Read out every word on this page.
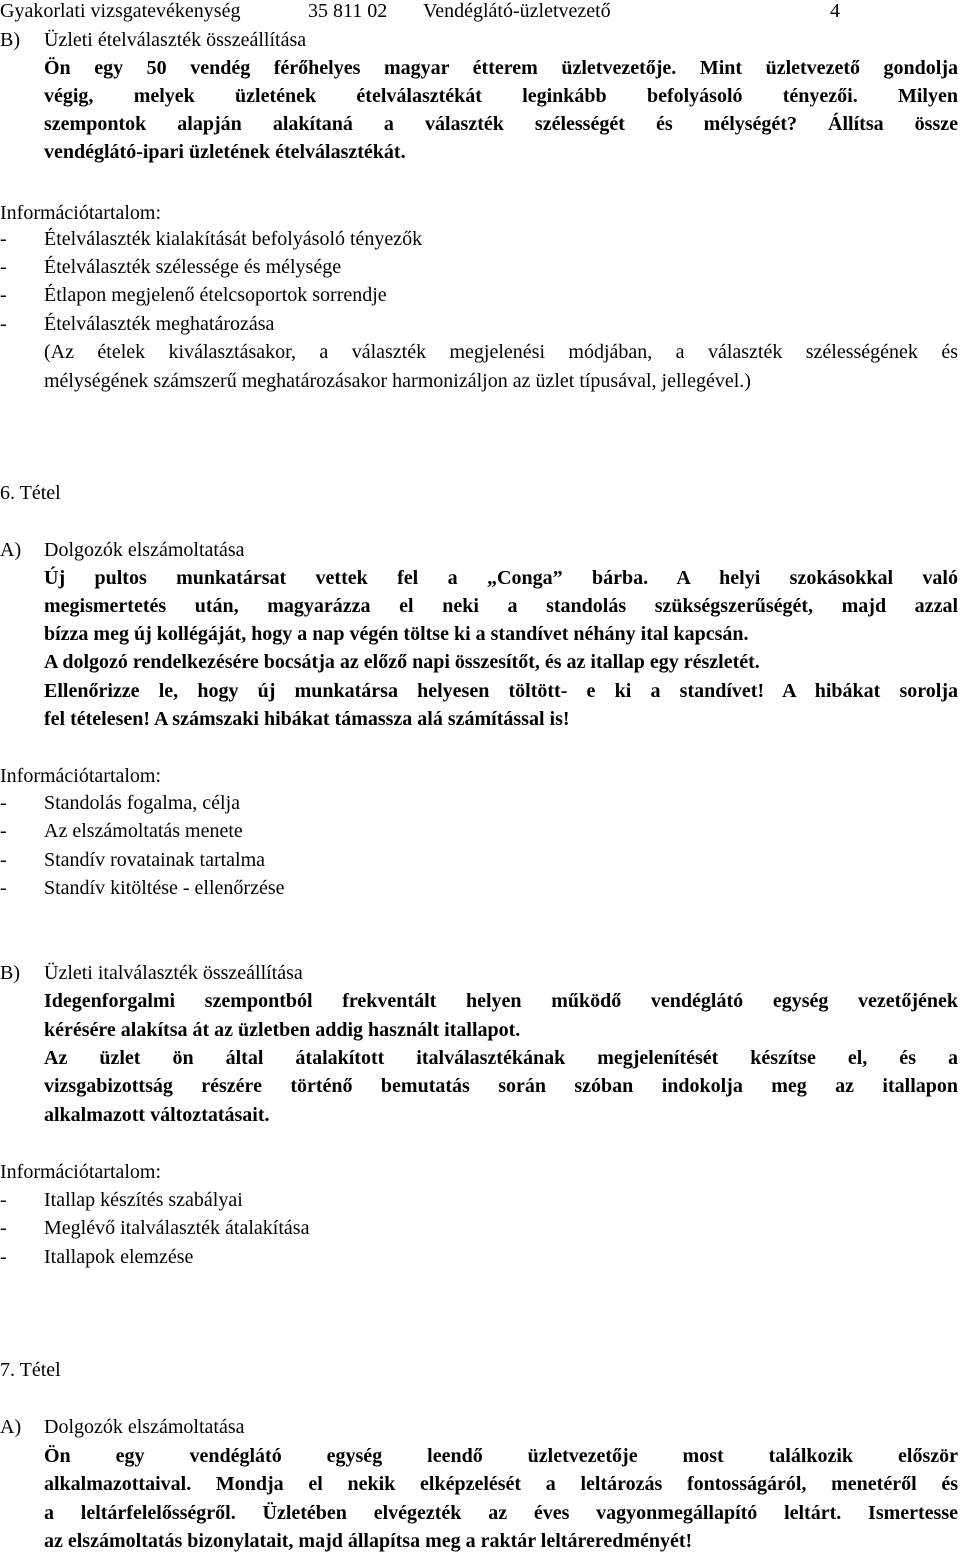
Gyakorlati vizsgatevékenység	35 811 02 Vendéglátó-üzletvezető	4
B) Üzleti ételválaszték összeállítása
Ön egy 50 vendég férőhelyes magyar étterem üzletvezetője. Mint üzletvezető gondolja
végig, melyek üzletének ételválasztékát leginkább befolyásoló tényezői. Milyen
szempontok alapján alakítaná a választék szélességét és mélységét? Állítsa össze
vendéglátó-ipari üzletének ételválasztékát.
Információtartalom:
- Ételválaszték kialakítását befolyásoló tényezők
- Ételválaszték szélessége és mélysége
- Étlapon megjelenő ételcsoportok sorrendje
- Ételválaszték meghatározása
(Az ételek kiválasztásakor, a választék megjelenési módjában, a választék szélességének és
mélységének számszerű meghatározásakor harmonizáljon az üzlet típusával, jellegével.)
6. Tétel
A) Dolgozók elszámoltatása
Új pultos munkatársat vettek fel a „Conga” bárba. A helyi szokásokkal való
megismertetés után, magyarázza el neki a standolás szükségszerűségét, majd azzal
bízza meg új kollégáját, hogy a nap végén töltse ki a standívet néhány ital kapcsán.
A dolgozó rendelkezésére bocsátja az előző napi összesítőt, és az itallap egy részletét.
Ellenőrizze le, hogy új munkatársa helyesen töltött- e ki a standívet! A hibákat sorolja
fel tételesen! A számszaki hibákat támassza alá számítással is!
Információtartalom:
- Standolás fogalma, célja
- Az elszámoltatás menete
- Standív rovatainak tartalma
- Standív kitöltése - ellenőrzése
B) Üzleti italválaszték összeállítása
Idegenforgalmi szempontból frekventált helyen működő vendéglátó egység vezetőjének
kérésére alakítsa át az üzletben addig használt itallapot.
Az üzlet ön által átalakított italválasztékának megjelenítését készítse el, és a
vizsgabizottság részére történő bemutatás során szóban indokolja meg az itallapon
alkalmazott változtatásait.
Információtartalom:
- Itallap készítés szabályai
- Meglévő italválaszték átalakítása
- Itallapok elemzése
7. Tétel
A) Dolgozók elszámoltatása
Ön egy vendéglátó egység leendő üzletvezetője most találkozik először
alkalmazottaival. Mondja el nekik elképzelését a leltározás fontosságáról, menetéről és
a leltárfelelősségről. Üzletében elvégezték az éves vagyonmegállapító leltárt. Ismertesse
az elszámoltatás bizonylatait, majd állapítsa meg a raktár leltáreredményét!
